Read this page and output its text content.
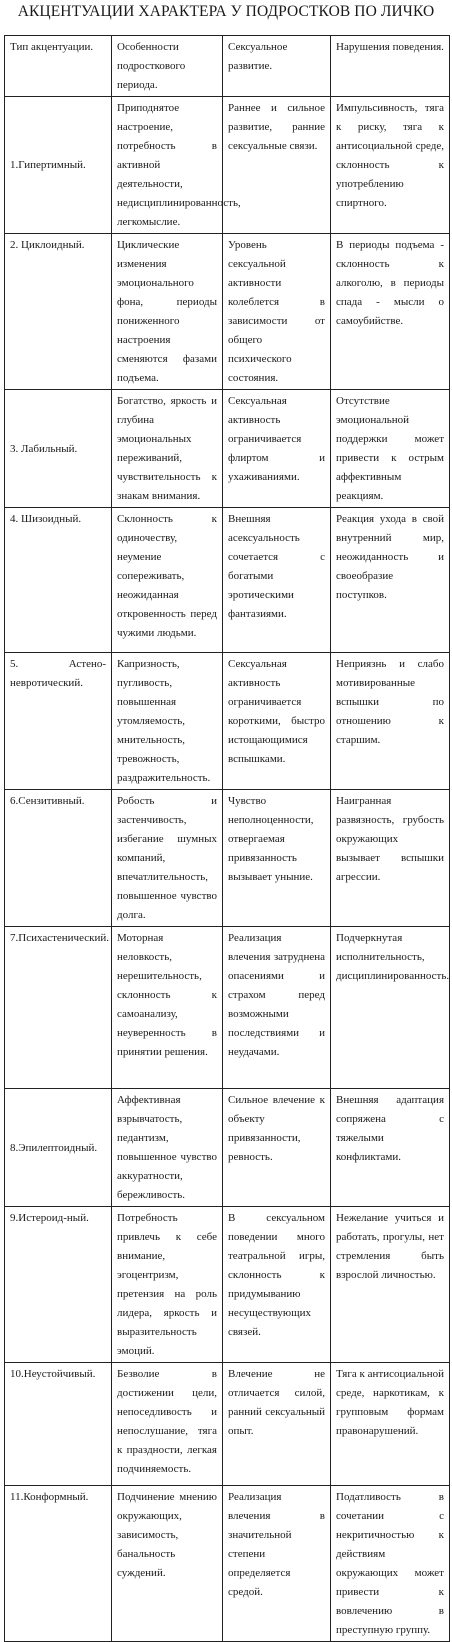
АКЦЕНТУАЦИИ ХАРАКТЕРА У ПОДРОСТКОВ ПО ЛИЧКО
Тип акцентуации.	Особенности подросткового периода.	Сексуальное развитие.	Нарушения поведения.
1.Гипертимный.	Приподнятое настроение, потребность в активной деятельности, недисциплинированность, легкомыслие.	Раннее и сильное развитие, ранние сексуальные связи.	Импульсивность, тяга к риску, тяга к антисоциальной среде, склонность к употреблению спиртного.
2. Циклоидный.	Циклические изменения эмоционального фона, периоды пониженного настроения сменяются фазами подъема.	Уровень сексуальной активности колеблется в зависимости от общего психического состояния.	В периоды подъема - склонность к алкоголю, в периоды спада - мысли о самоубийстве.
3. Лабильный.	Богатство, яркость и глубина эмоциональных переживаний, чувствительность к знакам внимания.	Сексуальная активность ограничивается флиртом и ухаживаниями.	Отсутствие эмоциональной поддержки может привести к острым аффективным реакциям.
4. Шизоидный.	Склонность к одиночеству, неумение сопереживать, неожиданная откровенность перед чужими людьми.	Внешняя асексуальность сочетается с богатыми эротическими фантазиями.	Реакция ухода в свой внутренний мир, неожиданность и своеобразие поступков.
5. Астено-невротический.	Капризность, пугливость, повышенная утомляемость, мнительность, тревожность, раздражительность.	Сексуальная активность ограничивается короткими, быстро истощающимися вспышками.	Неприязнь и слабо мотивированные вспышки по отношению к старшим.
6.Сензитивный.	Робость и застенчивость, избегание шумных компаний, впечатлительность, повышенное чувство долга.	Чувство неполноценности, отвергаемая привязанность вызывает уныние.	Наигранная развязность, грубость окружающих вызывает вспышки агрессии.
7.Психастенический.	Моторная неловкость, нерешительность, склонность к самоанализу, неуверенность в принятии решения.	Реализация влечения затруднена опасениями и страхом перед возможными последствиями и неудачами.	Подчеркнутая исполнительность, дисциплинированность.
8.Эпилептоидный.	Аффективная взрывчатость, педантизм, повышенное чувство аккуратности, бережливость.	Сильное влечение к объекту привязанности, ревность.	Внешняя адаптация сопряжена с тяжелыми конфликтами.
9.Истероид-ный.	Потребность привлечь к себе внимание, эгоцентризм, претензия на роль лидера, яркость и выразительность эмоций.	В сексуальном поведении много театральной игры, склонность к придумыванию несуществующих связей.	Нежелание учиться и работать, прогулы, нет стремления быть взрослой личностью.
10.Неустойчивый.	Безволие в достижении цели, непоседливость и непослушание, тяга к праздности, легкая подчиняемость.	Влечение не отличается силой, ранний сексуальный опыт.	Тяга к антисоциальной среде, наркотикам, к групповым формам правонарушений.
11.Конформный.	Подчинение мнению окружающих, зависимость, банальность суждений.	Реализация влечения в значительной степени определяется средой.	Податливость в сочетании с некритичностью к действиям окружающих может привести к вовлечению в преступную группу.
